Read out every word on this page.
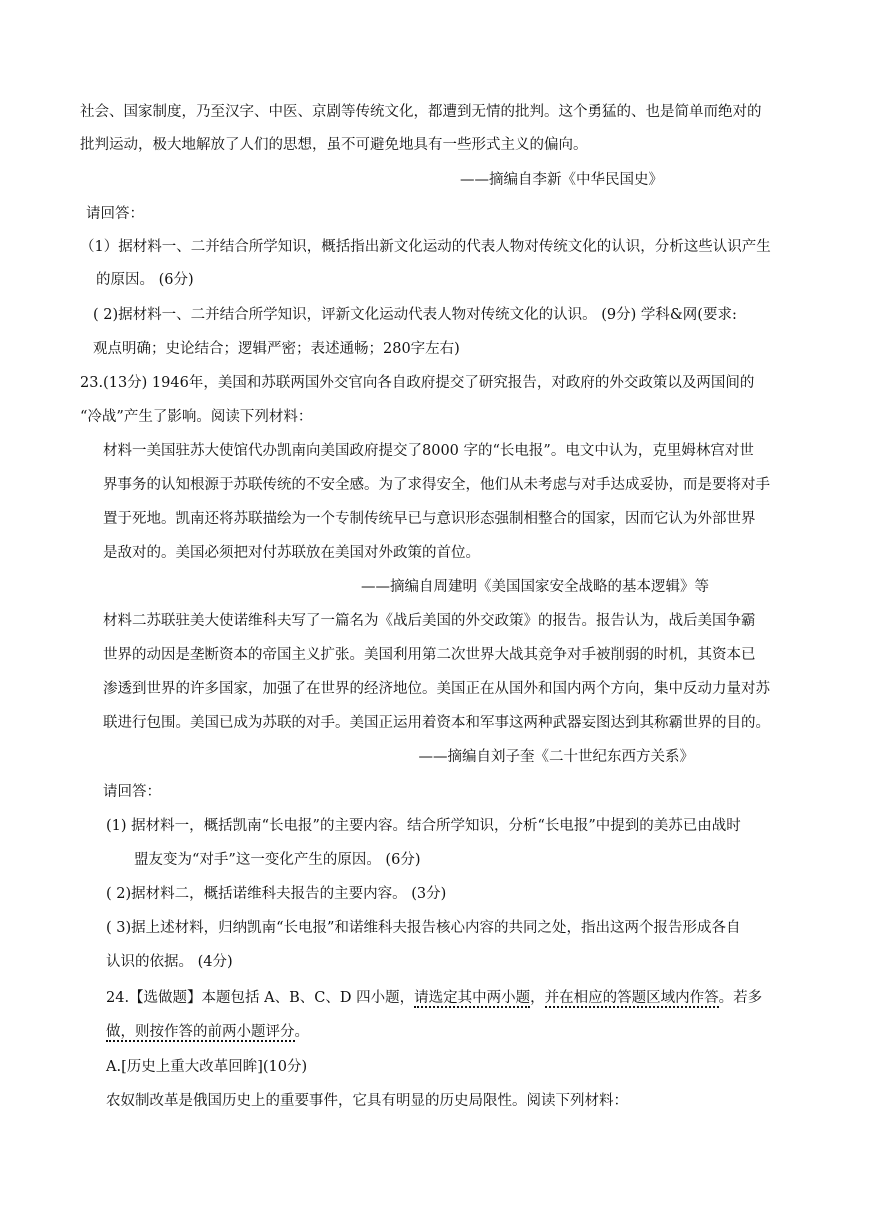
社会、国家制度，乃至汉字、中医、京剧等传统文化，都遭到无情的批判。这个勇猛的、也是简单而绝对的
批判运动，极大地解放了人们的思想，虽不可避免地具有一些形式主义的偏向。
——摘编自李新《中华民国史》
请回答：
（1）据材料一、二并结合所学知识，概括指出新文化运动的代表人物对传统文化的认识，分析这些认识产生
的原因。 (6分)
( 2)据材料一、二并结合所学知识，评新文化运动代表人物对传统文化的认识。 (9分) 学科&网(要求:
观点明确；史论结合；逻辑严密；表述通畅；280字左右)
23.(13分) 1946年，美国和苏联两国外交官向各自政府提交了研究报告，对政府的外交政策以及两国间的
“冷战”产生了影响。阅读下列材料：
材料一美国驻苏大使馆代办凯南向美国政府提交了8000 字的“长电报”。电文中认为，克里姆林宫对世
界事务的认知根源于苏联传统的不安全感。为了求得安全，他们从未考虑与对手达成妥协，而是要将对手
置于死地。凯南还将苏联描绘为一个专制传统早已与意识形态强制相整合的国家，因而它认为外部世界
是敌对的。美国必须把对付苏联放在美国对外政策的首位。
——摘编自周建明《美国国家安全战略的基本逻辑》等
材料二苏联驻美大使诺维科夫写了一篇名为《战后美国的外交政策》的报告。报告认为，战后美国争霸
世界的动因是垄断资本的帝国主义扩张。美国利用第二次世界大战其竞争对手被削弱的时机，其资本已
渗透到世界的许多国家，加强了在世界的经济地位。美国正在从国外和国内两个方向，集中反动力量对苏
联进行包围。美国已成为苏联的对手。美国正运用着资本和军事这两种武器妄图达到其称霸世界的目的。
——摘编自刘子奎《二十世纪东西方关系》
请回答：
(1) 据材料一，概括凯南“长电报”的主要内容。结合所学知识，分析“长电报”中提到的美苏已由战时
盟友变为“对手”这一变化产生的原因。 (6分)
( 2)据材料二，概括诺维科夫报告的主要内容。 (3分)
( 3)据上述材料，归纳凯南“长电报”和诺维科夫报告核心内容的共同之处，指出这两个报告形成各自
认识的依据。 (4分)
24.【选做题】本题包括 A、B、C、D 四小题，请选定其中两小题，并在相应的答题区域内作答。若多
做，则按作答的前两小题评分。
A.[历史上重大改革回眸](10分)
农奴制改革是俄国历史上的重要事件，它具有明显的历史局限性。阅读下列材料：
